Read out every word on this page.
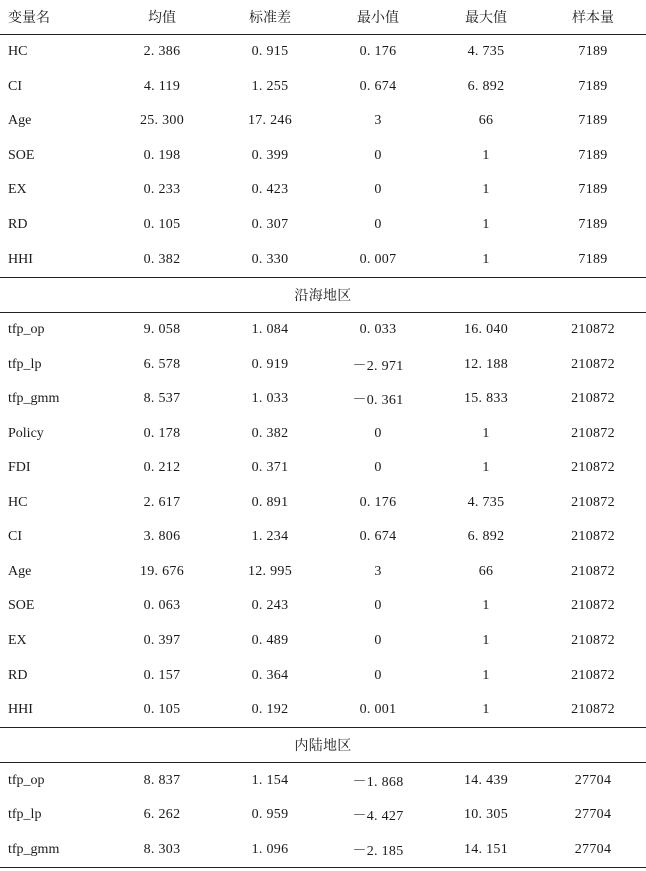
变量名	均值	标准差	最小值	最大值	样本量
HC	2. 386	0. 915	0. 176	4. 735	7189
CI	4. 119	1. 255	0. 674	6. 892	7189
Age	25. 300	17. 246	3	66	7189
SOE	0. 198	0. 399	0	1	7189
EX	0. 233	0. 423	0	1	7189
RD	0. 105	0. 307	0	1	7189
HHI	0. 382	0. 330	0. 007	1	7189
沿海地区					
tfp_op	9. 058	1. 084	0. 033	16. 040	210872
tfp_lp	6. 578	0. 919	－2. 971	12. 188	210872
tfp_gmm	8. 537	1. 033	－0. 361	15. 833	210872
Policy	0. 178	0. 382	0	1	210872
FDI	0. 212	0. 371	0	1	210872
HC	2. 617	0. 891	0. 176	4. 735	210872
CI	3. 806	1. 234	0. 674	6. 892	210872
Age	19. 676	12. 995	3	66	210872
SOE	0. 063	0. 243	0	1	210872
EX	0. 397	0. 489	0	1	210872
RD	0. 157	0. 364	0	1	210872
HHI	0. 105	0. 192	0. 001	1	210872
内陆地区					
tfp_op	8. 837	1. 154	－1. 868	14. 439	27704
tfp_lp	6. 262	0. 959	－4. 427	10. 305	27704
tfp_gmm	8. 303	1. 096	－2. 185	14. 151	27704
